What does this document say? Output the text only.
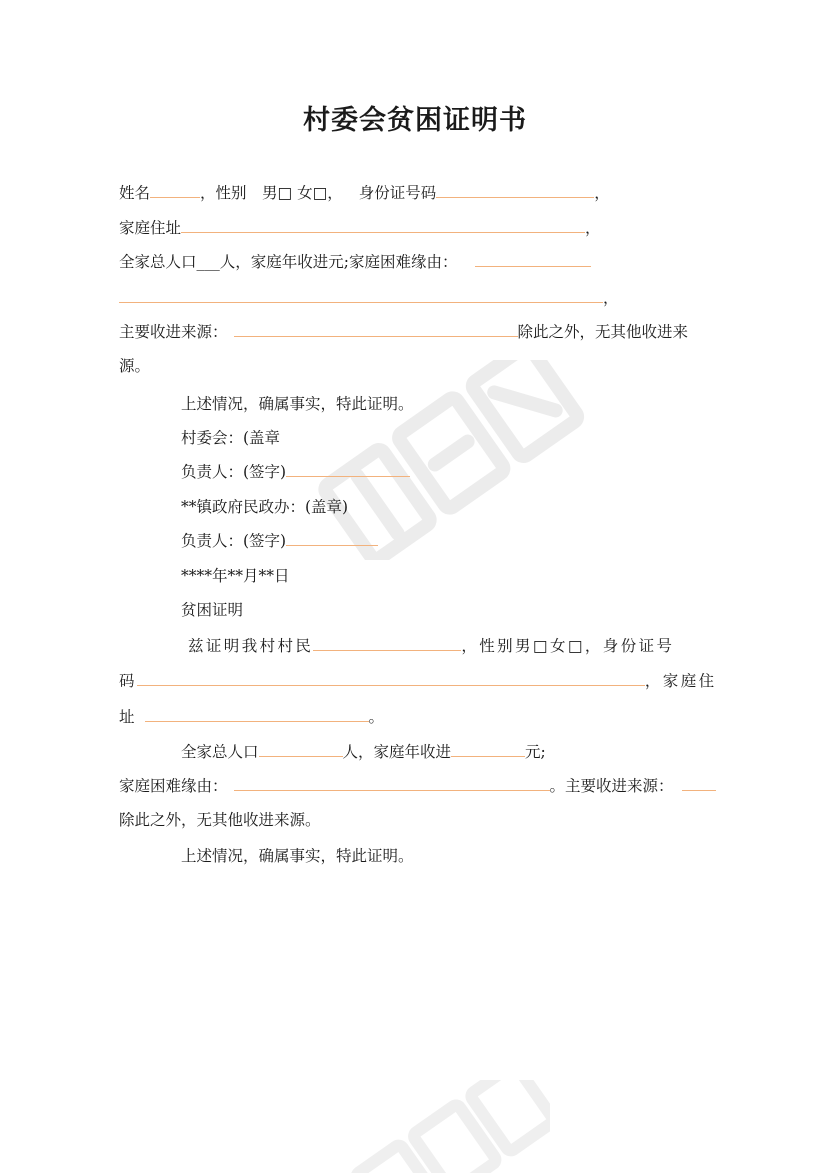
村委会贫困证明书
姓名	，性别　男□ 女□， 身份证号码	，
家庭住址	，
全家总人口___人，家庭年收进元;家庭困难缘由：
，
主要收进来源：	除此之外，无其他收进来
源。
上述情况，确属事实，特此证明。
村委会：(盖章
负责人：(签字)
**镇政府民政办：(盖章)
负责人：(签字)
****年**月**日
贫困证明
兹证明我村村民	，性别男□女□，身份证号
码	，家庭住
址	。
全家总人口	人，家庭年收进	元;
家庭困难缘由：	。主要收进来源：
除此之外，无其他收进来源。
上述情况，确属事实，特此证明。
